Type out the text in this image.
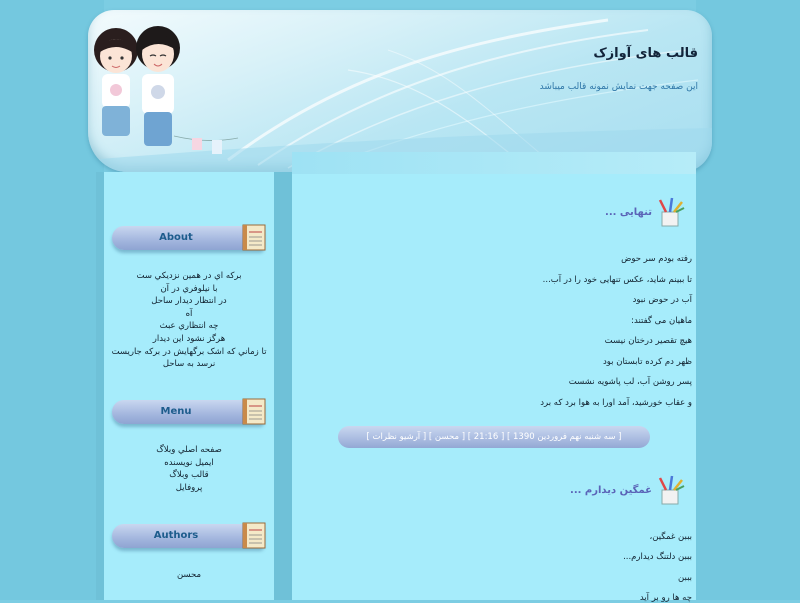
قالب های آوازک
این صفحه جهت نمایش نمونه قالب میباشد
About
برکه اي در همين نزديکي ست
با نيلوفري در آن
در انتظار ديدار ساحل
آه
چه انتظاري عبث
هرگز نشود اين ديدار
تا زماني که اشک برگهايش در برکه جاريست
نرسد به ساحل
Menu
صفحه اصلي وبلاگ
ايميل نويسنده
قالب وبلاگ
پروفايل
Authors
محسن
تنهایی ...
رفته بودم سر حوض
تا ببینم شاید، عکس تنهایی خود را در آب...
آب در حوض نبود
ماهیان می گفتند:
هیچ تقصیر درختان نیست
ظهر دم کرده تابستان بود
پسر روشن آب، لب پاشویه نشست
و عقاب خورشید، آمد اورا به هوا برد که برد
[ سه شنبه نهم فروردين 1390 ] [ 21:16 ] [ محسن ] [ آرشيو نظرات ]
غمگین دیدارم ...
بببن غمگین،
بببن دلتنگ دیدارم...
بببن
چه ها رو بر آید
